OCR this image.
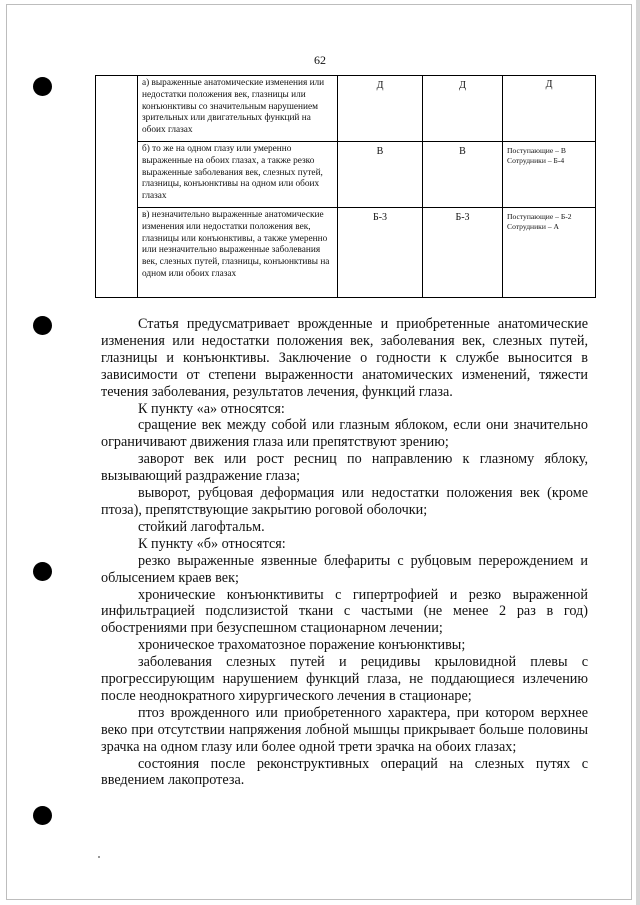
62
	а) выраженные анатомические изменения или недостатки положения век, глазницы или конъюнктивы со значительным нарушением зрительных или двигательных функций на обоих глазах	Д	Д	Д
	б) то же на одном глазу или умеренно выраженные на обоих глазах, а также резко выраженные заболевания век, слезных путей, глазницы, конъюнктивы на одном или обоих глазах	В	В	Поступающие – В
Сотрудники – Б-4

	в) незначительно выраженные анатомические изменения или недостатки положения век, глазницы или конъюнктивы, а также умеренно или незначительно выраженные заболевания век, слезных путей, глазницы, конъюнктивы на одном или обоих глазах	Б-3	Б-3	Поступающие – Б-2
Сотрудники – А

Статья предусматривает врожденные и приобретенные анатомические изменения или недостатки положения век, заболевания век, слезных путей, глазницы и конъюнктивы. Заключение о годности к службе выносится в зависимости от степени выраженности анатомических изменений, тяжести течения заболевания, результатов лечения, функций глаза.

К пункту «а» относятся:

сращение век между собой или глазным яблоком, если они значительно ограничивают движения глаза или препятствуют зрению;

заворот век или рост ресниц по направлению к глазному яблоку, вызывающий раздражение глаза;

выворот, рубцовая деформация или недостатки положения век (кроме птоза), препятствующие закрытию роговой оболочки;

стойкий лагофтальм.

К пункту «б» относятся:

резко выраженные язвенные блефариты с рубцовым перерождением и облысением краев век;

хронические конъюнктивиты с гипертрофией и резко выраженной инфильтрацией подслизистой ткани с частыми (не менее 2 раз в год) обострениями при безуспешном стационарном лечении;

хроническое трахоматозное поражение конъюнктивы;

заболевания слезных путей и рецидивы крыловидной плевы с прогрессирующим нарушением функций глаза, не поддающиеся излечению после неоднократного хирургического лечения в стационаре;

птоз врожденного или приобретенного характера, при котором верхнее веко при отсутствии напряжения лобной мышцы прикрывает больше половины зрачка на одном глазу или более одной трети зрачка на обоих глазах;

состояния после реконструктивных операций на слезных путях с введением лакопротеза.
